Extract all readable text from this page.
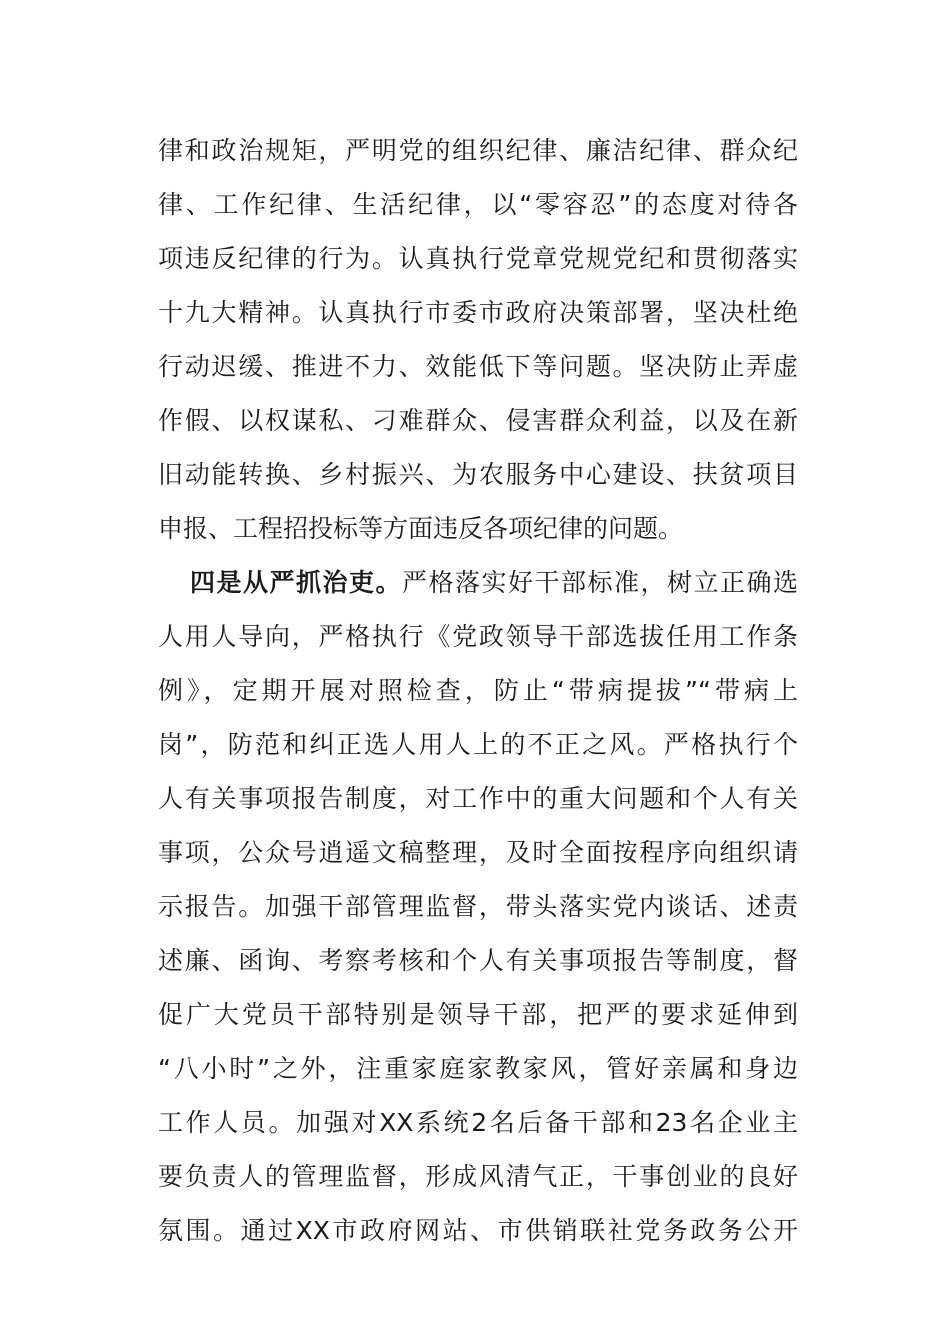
律和政治规矩，严明党的组织纪律、廉洁纪律、群众纪
律、工作纪律、生活纪律，以“零容忍”的态度对待各
项违反纪律的行为。认真执行党章党规党纪和贯彻落实
十九大精神。认真执行市委市政府决策部署，坚决杜绝
行动迟缓、推进不力、效能低下等问题。坚决防止弄虚
作假、以权谋私、刁难群众、侵害群众利益，以及在新
旧动能转换、乡村振兴、为农服务中心建设、扶贫项目
申报、工程招投标等方面违反各项纪律的问题。
四是从严抓治吏。严格落实好干部标准，树立正确选
人用人导向，严格执行《党政领导干部选拔任用工作条
例》，定期开展对照检查，防止“带病提拔”“带病上
岗”，防范和纠正选人用人上的不正之风。严格执行个
人有关事项报告制度，对工作中的重大问题和个人有关
事项，公众号逍遥文稿整理，及时全面按程序向组织请
示报告。加强干部管理监督，带头落实党内谈话、述责
述廉、函询、考察考核和个人有关事项报告等制度，督
促广大党员干部特别是领导干部，把严的要求延伸到
“八小时”之外，注重家庭家教家风，管好亲属和身边
工作人员。加强对XX系统2名后备干部和23名企业主
要负责人的管理监督，形成风清气正，干事创业的良好
氛围。通过XX市政府网站、市供销联社党务政务公开
